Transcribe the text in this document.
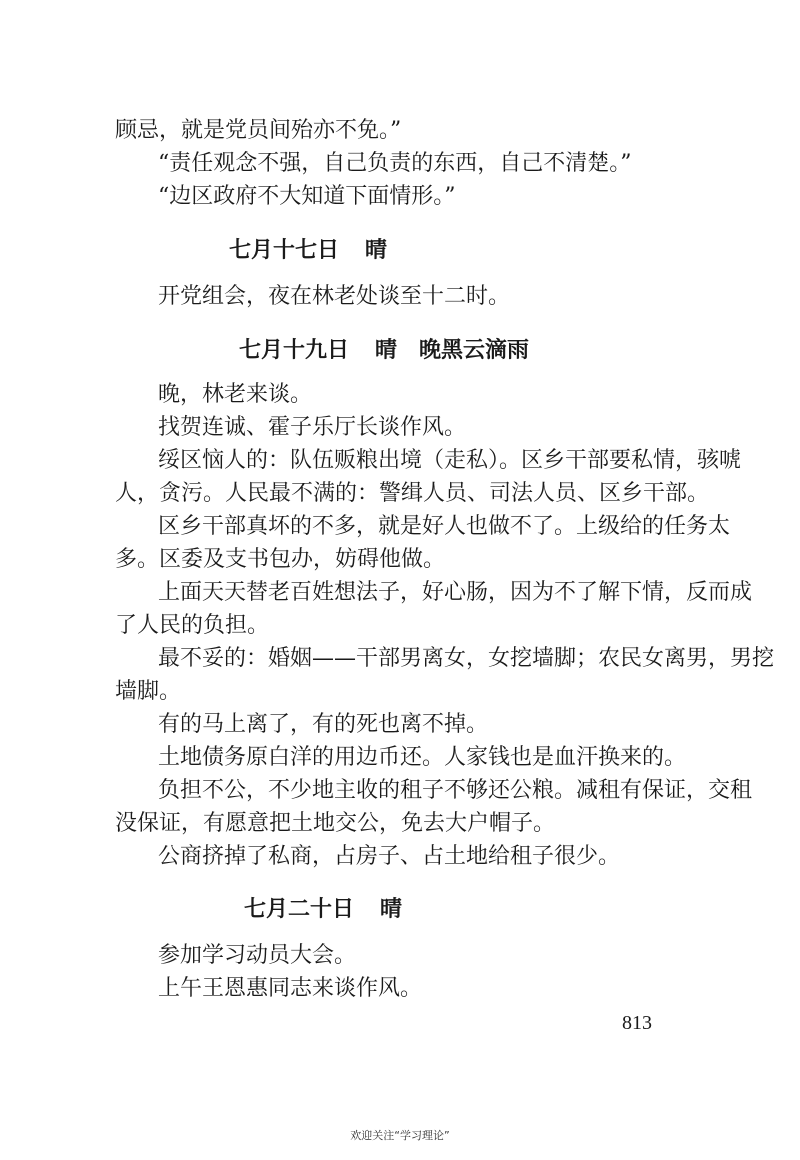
顾忌，就是党员间殆亦不免。”
“责任观念不强，自己负责的东西，自己不清楚。”
“边区政府不大知道下面情形。”
七月十七日 晴
开党组会，夜在林老处谈至十二时。
七月十九日 晴　晚黑云滴雨
晚，林老来谈。
找贺连诚、霍子乐厅长谈作风。
绥区恼人的：队伍贩粮出境（走私）。区乡干部要私情，骇唬
人，贪污。人民最不满的：警缉人员、司法人员、区乡干部。
区乡干部真坏的不多，就是好人也做不了。上级给的任务太
多。区委及支书包办，妨碍他做。
上面天天替老百姓想法子，好心肠，因为不了解下情，反而成
了人民的负担。
最不妥的：婚姻——干部男离女，女挖墙脚；农民女离男，男挖
墙脚。
有的马上离了，有的死也离不掉。
土地债务原白洋的用边币还。人家钱也是血汗换来的。
负担不公，不少地主收的租子不够还公粮。减租有保证，交租
没保证，有愿意把土地交公，免去大户帽子。
公商挤掉了私商，占房子、占土地给租子很少。
七月二十日 晴
参加学习动员大会。
上午王恩惠同志来谈作风。
813
欢迎关注“学习理论”
